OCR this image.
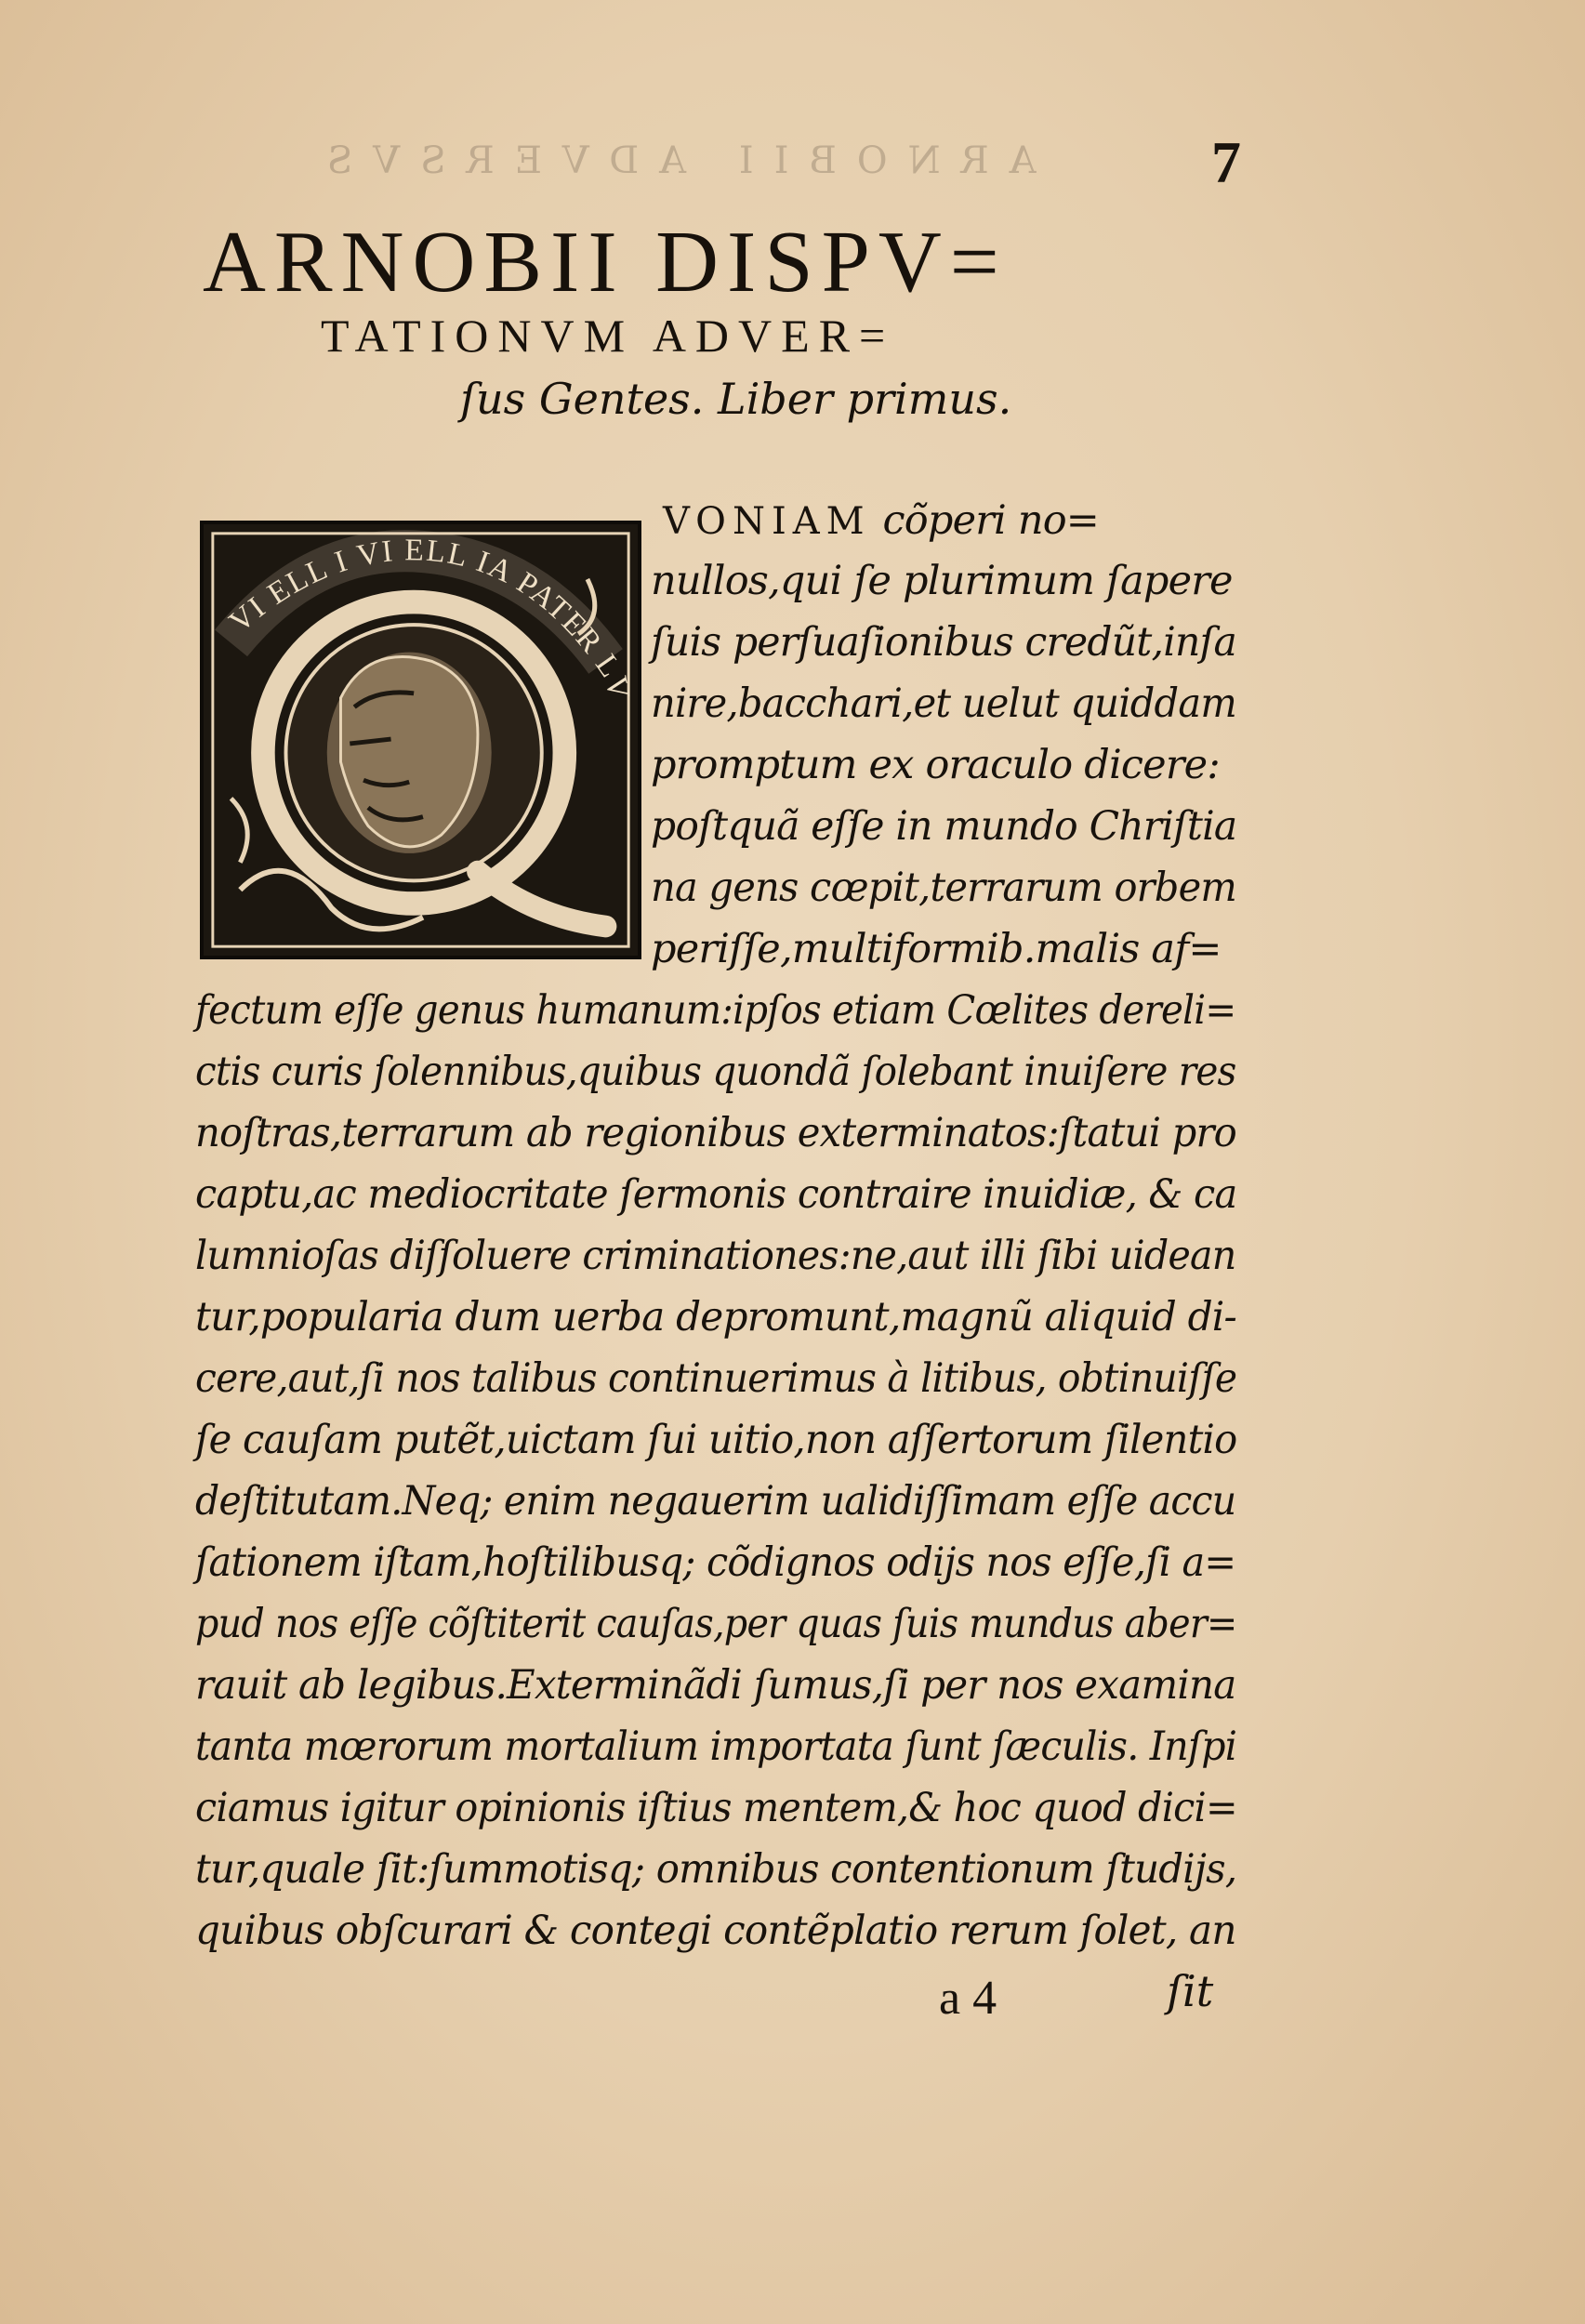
ARNOBII ADVERSVS	7
ARNOBII DISPV=
TATIONVM ADVER=
ſus Gentes. Liber primus.
VI ELL I VI ELL IA PATER LV
VONIAM cõperi no=
nullos,qui ſe plurimum ſapere
ſuis perſuaſionibus credũt,inſa
nire,bacchari,et uelut quiddam
promptum ex oraculo dicere:
poſtquã eſſe in mundo Chriſtia
na gens cœpit,terrarum orbem
periſſe,multiformib.malis af=
fectum eſſe genus humanum:ipſos etiam Cœlites dereli=
ctis curis ſolennibus,quibus quondã ſolebant inuiſere res
noſtras,terrarum ab regionibus exterminatos:ſtatui pro
captu,ac mediocritate ſermonis contraire inuidiæ, & ca
lumnioſas diſſoluere criminationes:ne,aut illi ſibi uidean
tur,popularia dum uerba depromunt,magnũ aliquid di-
cere,aut,ſi nos talibus continuerimus à litibus, obtinuiſſe
ſe cauſam putẽt,uictam ſui uitio,non aſſertorum ſilentio
deſtitutam.Neq; enim negauerim ualidiſſimam eſſe accu
ſationem iſtam,hoſtilibusq; cõdignos odijs nos eſſe,ſi a=
pud nos eſſe cõſtiterit cauſas,per quas ſuis mundus aber=
rauit ab legibus.Exterminãdi ſumus,ſi per nos examina
tanta mœrorum mortalium importata ſunt ſæculis. Inſpi
ciamus igitur opinionis iſtius mentem,& hoc quod dici=
tur,quale ſit:ſummotisq; omnibus contentionum ſtudijs,
quibus obſcurari & contegi contẽplatio rerum ſolet, an
a 4	ſit
